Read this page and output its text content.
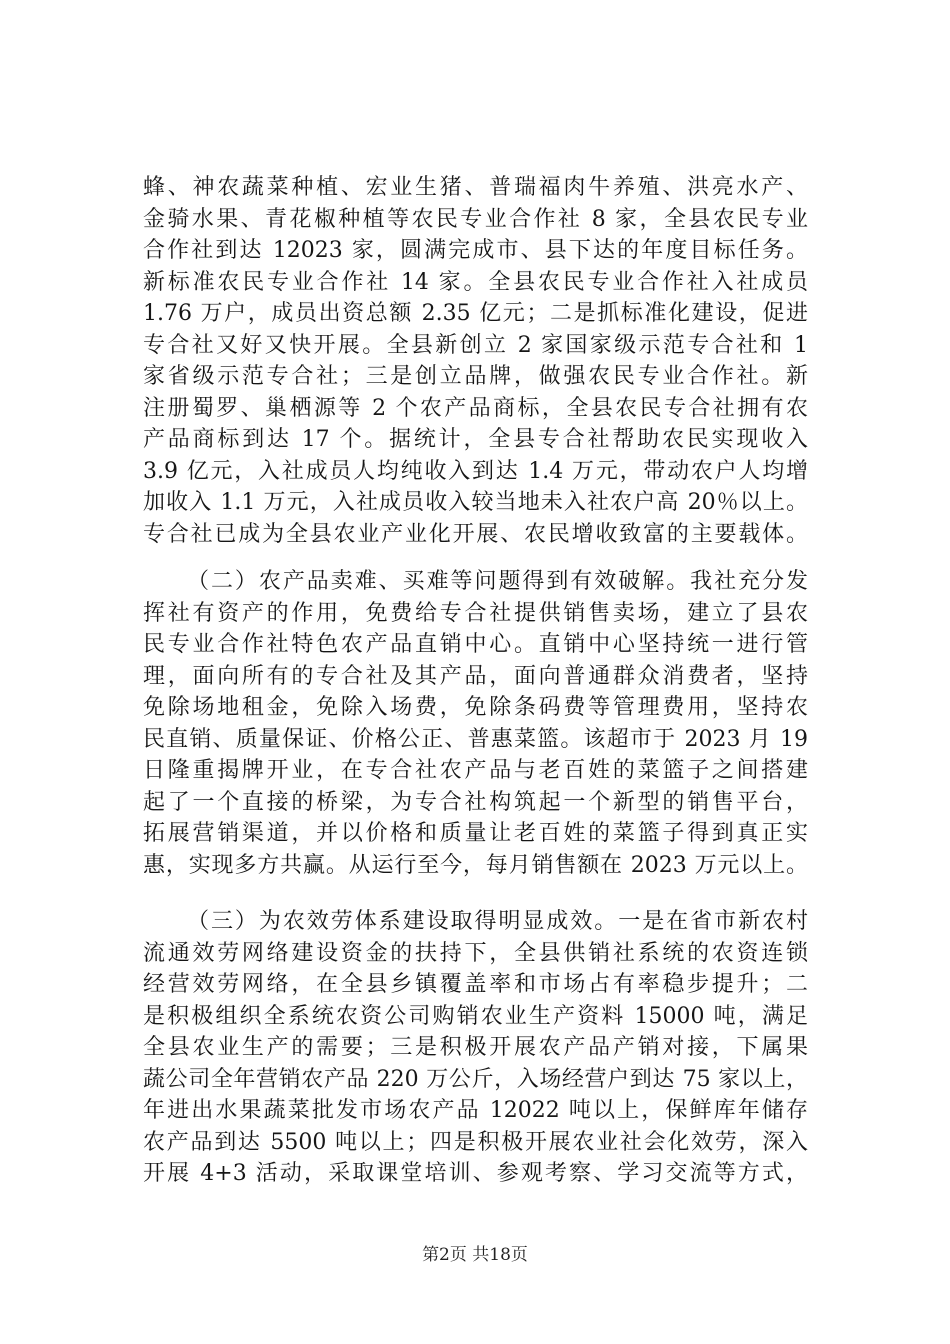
蜂、神农蔬菜种植、宏业生猪、普瑞福肉牛养殖、洪亮水产、
金骑水果、青花椒种植等农民专业合作社 8 家，全县农民专业
合作社到达 12023 家，圆满完成市、县下达的年度目标任务。
新标准农民专业合作社 14 家。全县农民专业合作社入社成员
1.76 万户，成员出资总额 2.35 亿元；二是抓标准化建设，促进
专合社又好又快开展。全县新创立 2 家国家级示范专合社和 1
家省级示范专合社；三是创立品牌，做强农民专业合作社。新
注册蜀罗、巢栖源等 2 个农产品商标，全县农民专合社拥有农
产品商标到达 17 个。据统计，全县专合社帮助农民实现收入
3.9 亿元，入社成员人均纯收入到达 1.4 万元，带动农户人均增
加收入 1.1 万元，入社成员收入较当地未入社农户高 20％以上。
专合社已成为全县农业产业化开展、农民增收致富的主要载体。
（二）农产品卖难、买难等问题得到有效破解。我社充分发
挥社有资产的作用，免费给专合社提供销售卖场，建立了县农
民专业合作社特色农产品直销中心。直销中心坚持统一进行管
理，面向所有的专合社及其产品，面向普通群众消费者，坚持
免除场地租金，免除入场费，免除条码费等管理费用，坚持农
民直销、质量保证、价格公正、普惠菜篮。该超市于 2023 月 19
日隆重揭牌开业，在专合社农产品与老百姓的菜篮子之间搭建
起了一个直接的桥梁，为专合社构筑起一个新型的销售平台，
拓展营销渠道，并以价格和质量让老百姓的菜篮子得到真正实
惠，实现多方共赢。从运行至今，每月销售额在 2023 万元以上。
（三）为农效劳体系建设取得明显成效。一是在省市新农村
流通效劳网络建设资金的扶持下，全县供销社系统的农资连锁
经营效劳网络，在全县乡镇覆盖率和市场占有率稳步提升；二
是积极组织全系统农资公司购销农业生产资料 15000 吨，满足
全县农业生产的需要；三是积极开展农产品产销对接，下属果
蔬公司全年营销农产品 220 万公斤，入场经营户到达 75 家以上，
年进出水果蔬菜批发市场农产品 12022 吨以上，保鲜库年储存
农产品到达 5500 吨以上；四是积极开展农业社会化效劳，深入
开展 4+3 活动，采取课堂培训、参观考察、学习交流等方式，
第2页 共18页
